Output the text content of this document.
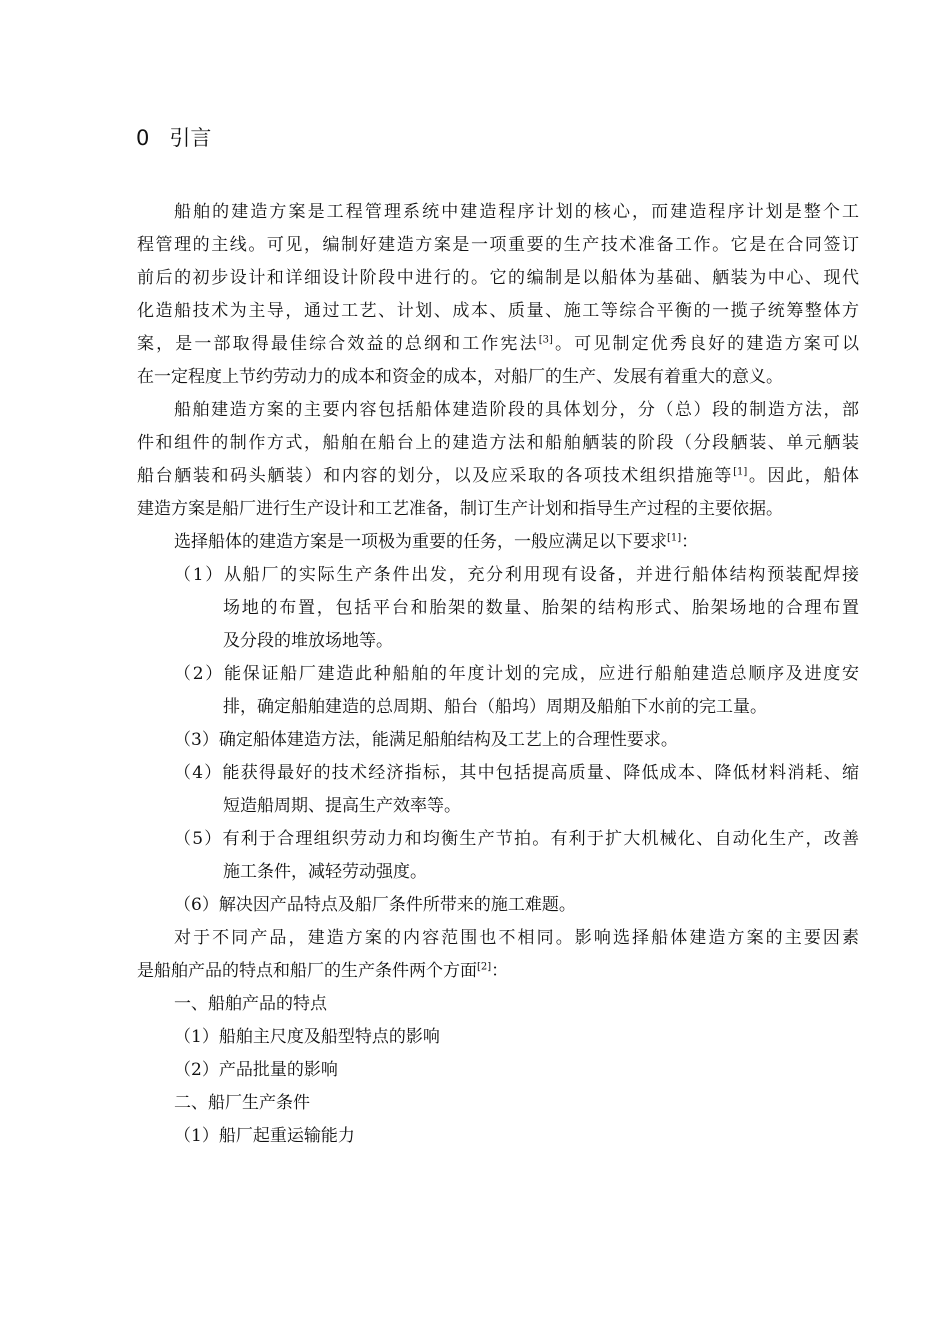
0 引言
船舶的建造方案是工程管理系统中建造程序计划的核心，而建造程序计划是整个工
程管理的主线。可见，编制好建造方案是一项重要的生产技术准备工作。它是在合同签订
前后的初步设计和详细设计阶段中进行的。它的编制是以船体为基础、舾装为中心、现代
化造船技术为主导，通过工艺、计划、成本、质量、施工等综合平衡的一揽子统筹整体方
案，是一部取得最佳综合效益的总纲和工作宪法[3]。可见制定优秀良好的建造方案可以
在一定程度上节约劳动力的成本和资金的成本，对船厂的生产、发展有着重大的意义。
船舶建造方案的主要内容包括船体建造阶段的具体划分，分（总）段的制造方法，部
件和组件的制作方式，船舶在船台上的建造方法和船舶舾装的阶段（分段舾装、单元舾装
船台舾装和码头舾装）和内容的划分，以及应采取的各项技术组织措施等[1]。因此，船体
建造方案是船厂进行生产设计和工艺准备，制订生产计划和指导生产过程的主要依据。
选择船体的建造方案是一项极为重要的任务，一般应满足以下要求[1]：
（1）从船厂的实际生产条件出发，充分利用现有设备，并进行船体结构预装配焊接
场地的布置，包括平台和胎架的数量、胎架的结构形式、胎架场地的合理布置
及分段的堆放场地等。
（2）能保证船厂建造此种船舶的年度计划的完成，应进行船舶建造总顺序及进度安
排，确定船舶建造的总周期、船台（船坞）周期及船舶下水前的完工量。
（3）确定船体建造方法，能满足船舶结构及工艺上的合理性要求。
（4）能获得最好的技术经济指标，其中包括提高质量、降低成本、降低材料消耗、缩
短造船周期、提高生产效率等。
（5）有利于合理组织劳动力和均衡生产节拍。有利于扩大机械化、自动化生产，改善
施工条件，减轻劳动强度。
（6）解决因产品特点及船厂条件所带来的施工难题。
对于不同产品，建造方案的内容范围也不相同。影响选择船体建造方案的主要因素
是船舶产品的特点和船厂的生产条件两个方面[2]：
一、船舶产品的特点
（1）船舶主尺度及船型特点的影响
（2）产品批量的影响
二、船厂生产条件
（1）船厂起重运输能力
